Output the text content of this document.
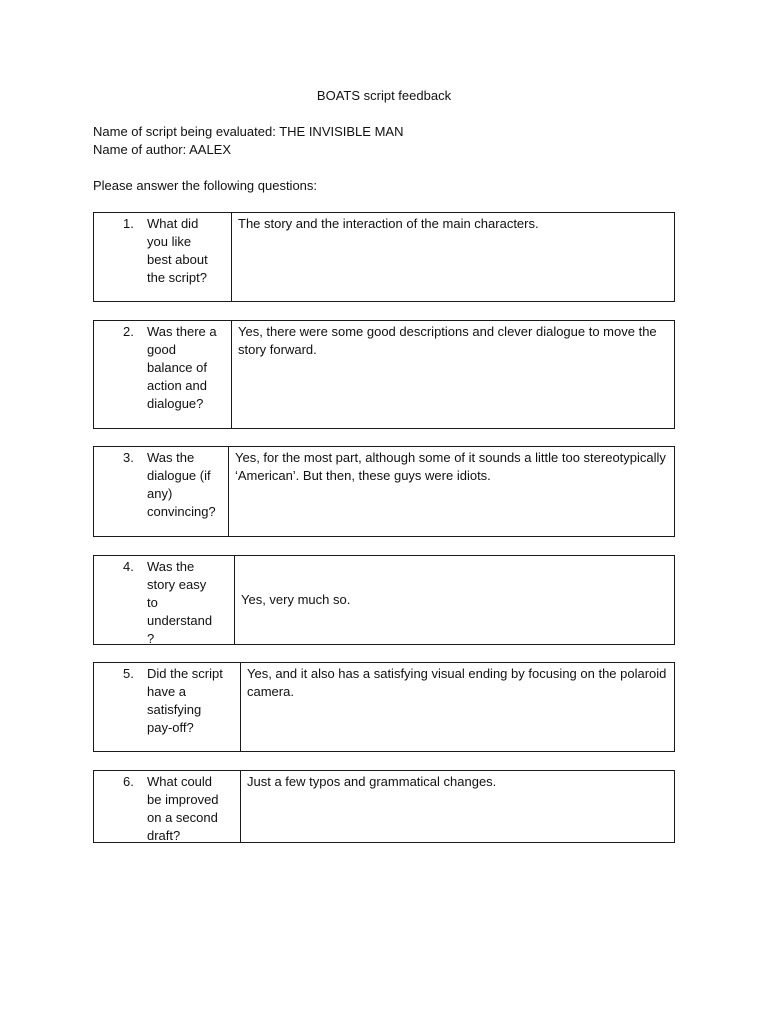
BOATS script feedback
Name of script being evaluated: THE INVISIBLE MAN
Name of author: AALEX
Please answer the following questions:
1. What did
you like
best about
the script?
The story and the interaction of the main characters.
2. Was there a
good
balance of
action and
dialogue?
Yes, there were some good descriptions and clever dialogue to move the story forward.
3. Was the
dialogue (if
any)
convincing?
Yes, for the most part, although some of it sounds a little too stereotypically ‘American’. But then, these guys were idiots.
4. Was the
story easy
to
understand
?
Yes, very much so.
5. Did the script
have a
satisfying
pay-off?
Yes, and it also has a satisfying visual ending by focusing on the polaroid camera.
6. What could
be improved
on a second
draft?
Just a few typos and grammatical changes.
